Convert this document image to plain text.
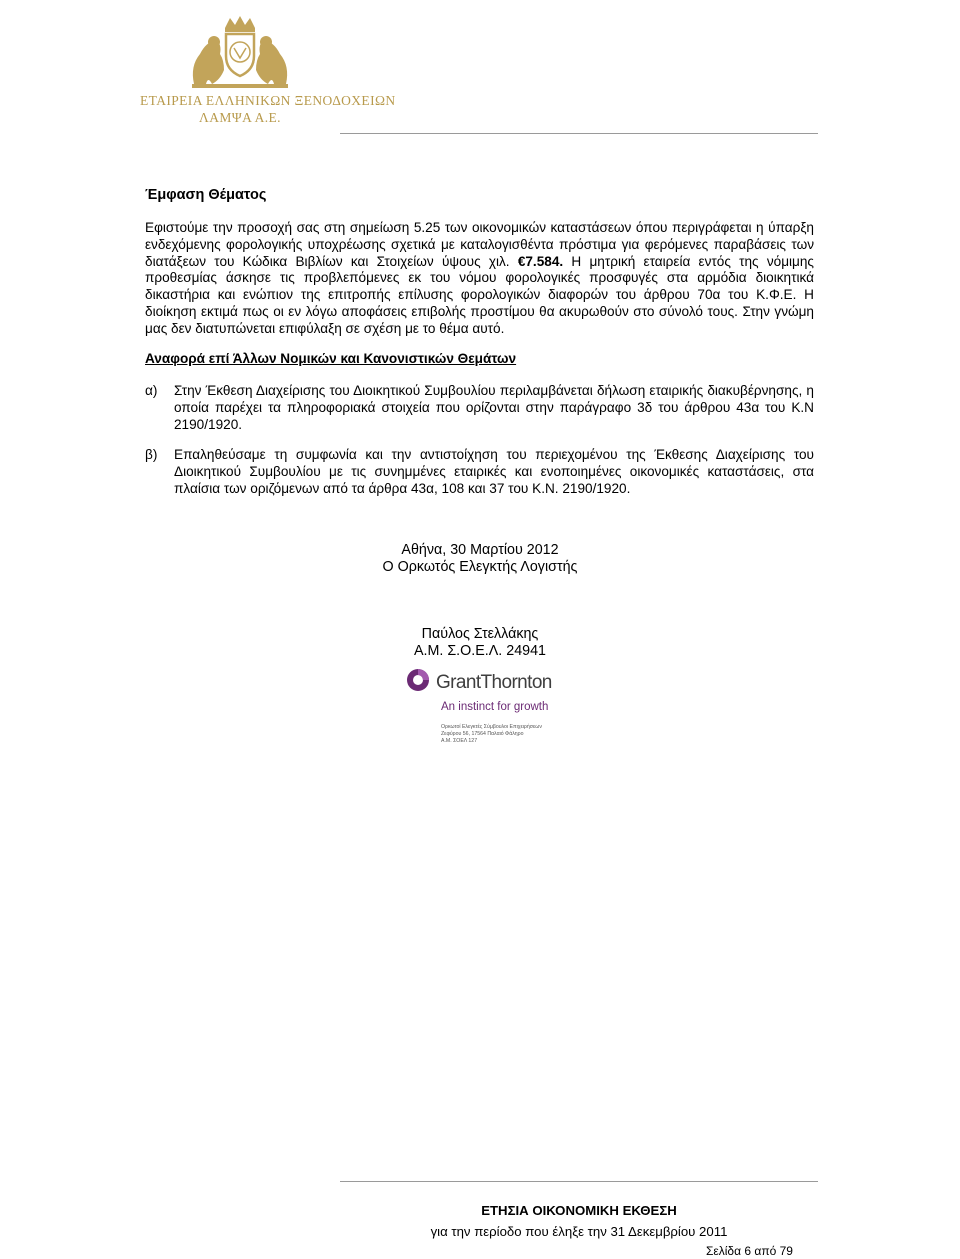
ΕΤΑΙΡΕΙΑ ΕΛΛΗΝΙΚΩΝ ΞΕΝΟΔΟΧΕΙΩΝ
ΛΑΜΨΑ Α.Ε.
Έμφαση Θέματος

Εφιστούμε την προσοχή σας στη σημείωση 5.25 των οικονομικών καταστάσεων όπου περιγράφεται η ύπαρξη ενδεχόμενης φορολογικής υποχρέωσης σχετικά με καταλογισθέντα πρόστιμα για φερόμενες παραβάσεις των διατάξεων του Κώδικα Βιβλίων και Στοιχείων ύψους χιλ. €7.584. Η μητρική εταιρεία εντός της νόμιμης προθεσμίας άσκησε τις προβλεπόμενες εκ του νόμου φορολογικές προσφυγές στα αρμόδια διοικητικά δικαστήρια και ενώπιον της επιτροπής επίλυσης φορολογικών διαφορών του άρθρου 70α του Κ.Φ.Ε. Η διοίκηση εκτιμά πως οι εν λόγω αποφάσεις επιβολής προστίμου θα ακυρωθούν στο σύνολό τους. Στην γνώμη μας δεν διατυπώνεται επιφύλαξη σε σχέση με το θέμα αυτό.

Αναφορά επί Άλλων Νομικών και Κανονιστικών Θεμάτων
α) Στην Έκθεση Διαχείρισης του Διοικητικού Συμβουλίου περιλαμβάνεται δήλωση εταιρικής διακυβέρνησης, η οποία παρέχει τα πληροφοριακά στοιχεία που ορίζονται στην παράγραφο 3δ του άρθρου 43α του Κ.Ν 2190/1920.
β) Επαληθεύσαμε τη συμφωνία και την αντιστοίχηση του περιεχομένου της Έκθεσης Διαχείρισης του Διοικητικού Συμβουλίου με τις συνημμένες εταιρικές και ενοποιημένες οικονομικές καταστάσεις, στα πλαίσια των οριζόμενων από τα άρθρα 43α, 108 και 37 του Κ.Ν. 2190/1920.
Αθήνα, 30 Μαρτίου 2012
Ο Ορκωτός Ελεγκτής Λογιστής
Παύλος Στελλάκης
Α.Μ. Σ.Ο.Ε.Λ. 24941
GrantThornton
An instinct for growth
Ορκωτοί Ελεγκτές Σύμβουλοι Επιχειρήσεων
Ζεφύρου 56, 17564 Παλαιό Φάληρο
Α.Μ. ΣΟΕΛ 127
ΕΤΗΣΙΑ ΟΙΚΟΝΟΜΙΚΗ ΕΚΘΕΣΗ
για την περίοδο που έληξε την 31 Δεκεμβρίου 2011
Σελίδα 6 από 79
